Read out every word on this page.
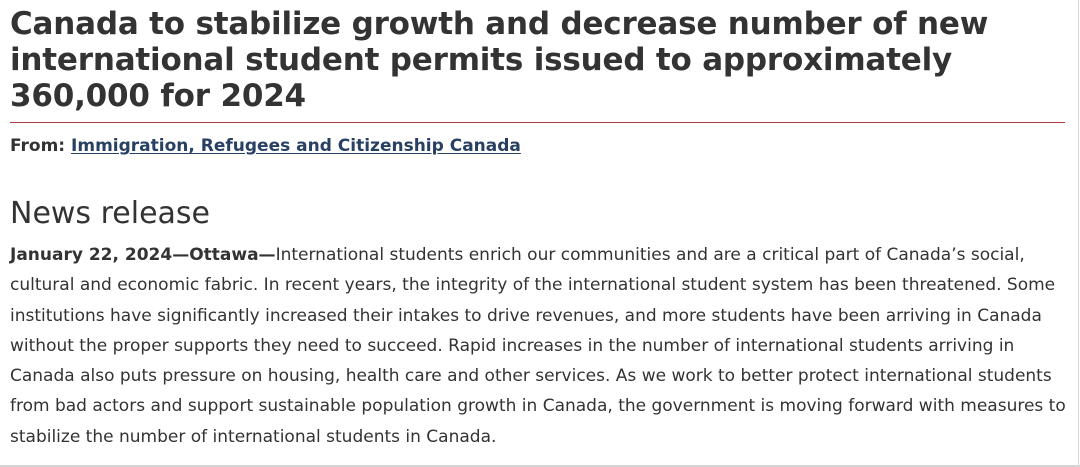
Canada to stabilize growth and decrease number of new international student permits issued to approximately 360,000 for 2024
From: Immigration, Refugees and Citizenship Canada
News release

January 22, 2024—Ottawa—International students enrich our communities and are a critical part of Canada’s social, cultural and economic fabric. In recent years, the integrity of the international student system has been threatened. Some institutions have significantly increased their intakes to drive revenues, and more students have been arriving in Canada without the proper supports they need to succeed. Rapid increases in the number of international students arriving in Canada also puts pressure on housing, health care and other services. As we work to better protect international students from bad actors and support sustainable population growth in Canada, the government is moving forward with measures to stabilize the number of international students in Canada.
